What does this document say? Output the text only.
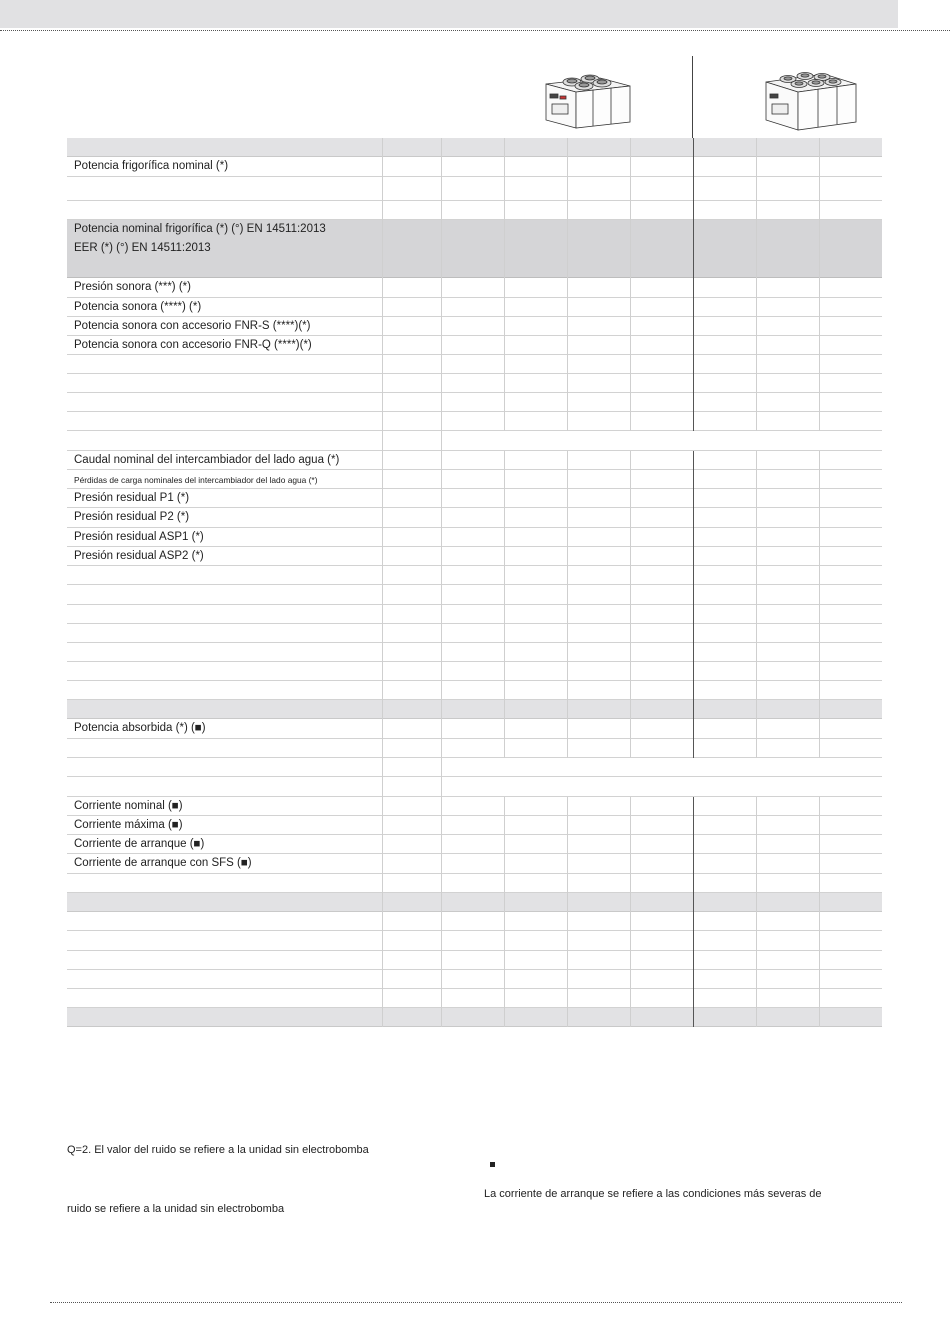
Potencia frigorífica nominal (*)
Potencia nominal frigorífica (*) (°) EN 14511:2013
EER (*) (°) EN 14511:2013
Presión sonora (***) (*)
Potencia sonora (****) (*)
Potencia sonora con accesorio FNR-S (****)(*)
Potencia sonora con accesorio FNR-Q (****)(*)
Caudal nominal del intercambiador del lado agua (*)
Pérdidas de carga nominales del intercambiador del lado agua (*)
Presión residual P1 (*)
Presión residual P2 (*)
Presión residual ASP1 (*)
Presión residual ASP2 (*)
Potencia absorbida (*) (■)
Corriente nominal (■)
Corriente máxima (■)
Corriente de arranque (■)
Corriente de arranque con SFS (■)
Q=2. El valor del ruido se refiere a la unidad sin electrobomba
La corriente de arranque se refiere a las condiciones más severas de
ruido se refiere a la unidad sin electrobomba
